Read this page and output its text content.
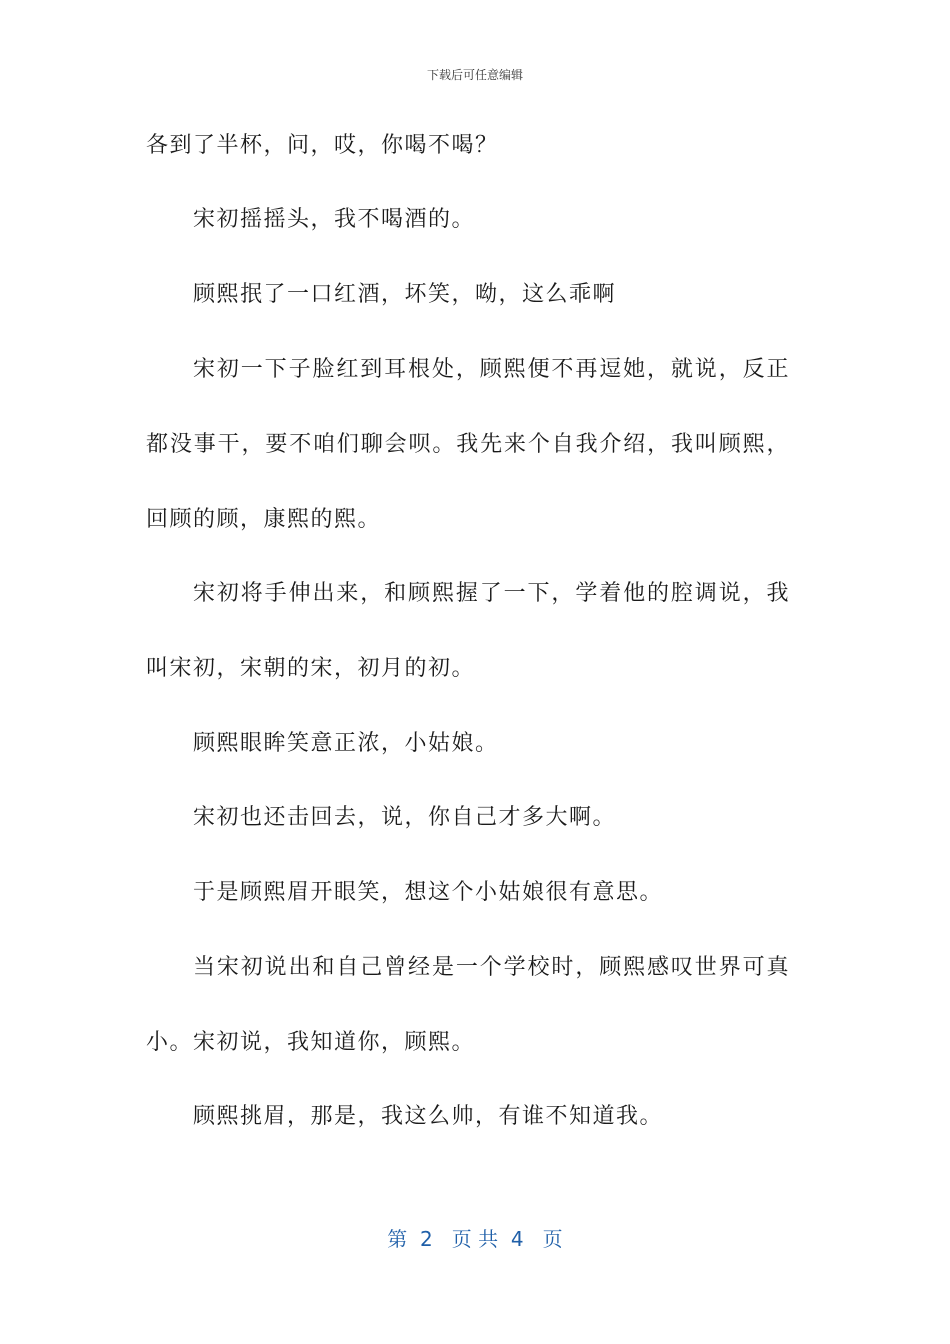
下载后可任意编辑
各到了半杯，问，哎，你喝不喝？
宋初摇摇头，我不喝酒的。
顾熙抿了一口红酒，坏笑，呦，这么乖啊
宋初一下子脸红到耳根处，顾熙便不再逗她，就说，反正
都没事干，要不咱们聊会呗。我先来个自我介绍，我叫顾熙，
回顾的顾，康熙的熙。
宋初将手伸出来，和顾熙握了一下，学着他的腔调说，我
叫宋初，宋朝的宋，初月的初。
顾熙眼眸笑意正浓，小姑娘。
宋初也还击回去，说，你自己才多大啊。
于是顾熙眉开眼笑，想这个小姑娘很有意思。
当宋初说出和自己曾经是一个学校时，顾熙感叹世界可真
小。宋初说，我知道你，顾熙。
顾熙挑眉，那是，我这么帅，有谁不知道我。
第  2   页 共  4   页
